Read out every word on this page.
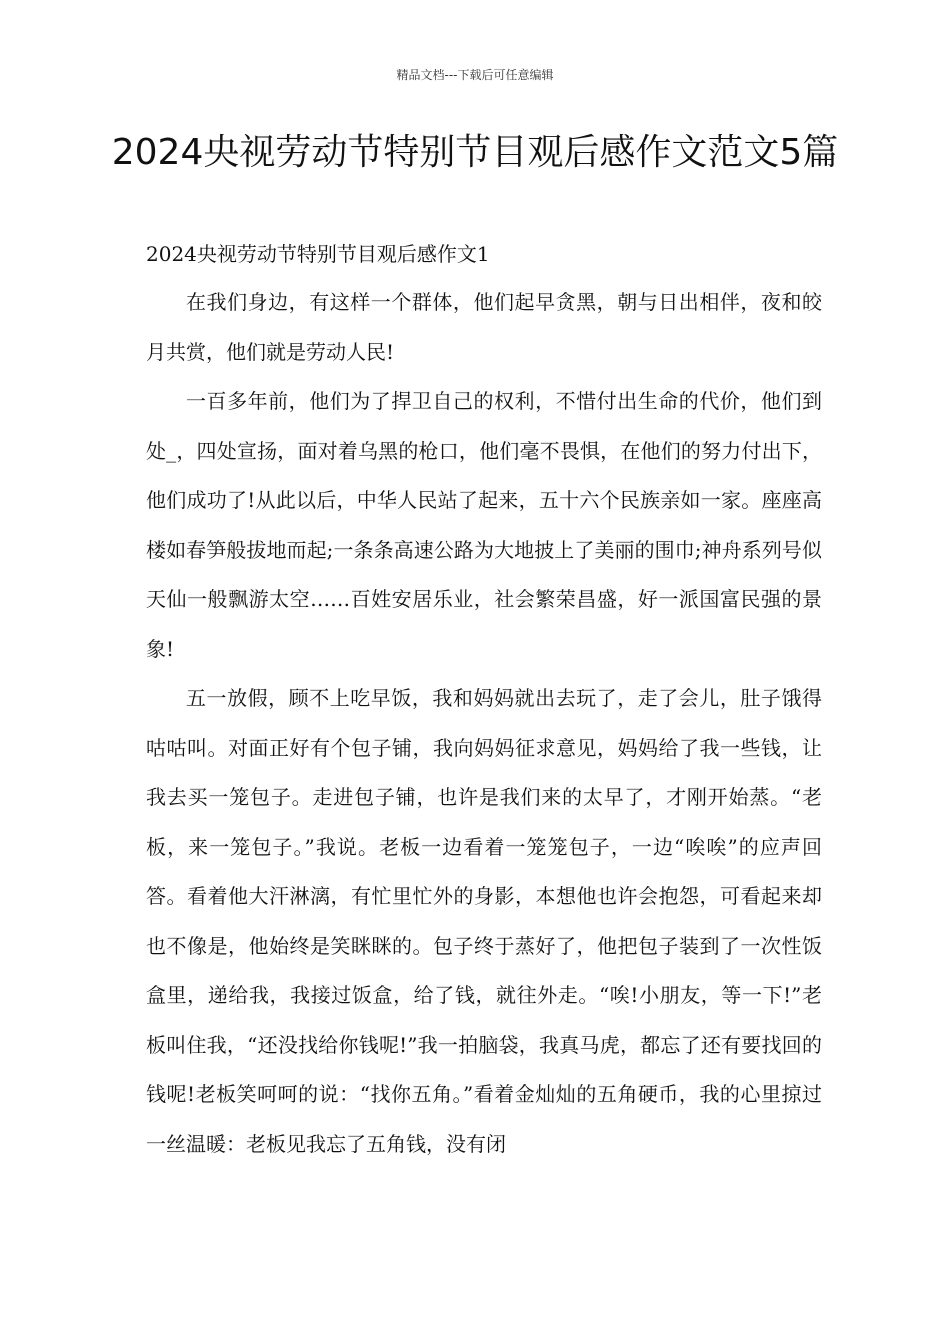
精品文档---下载后可任意编辑
2024央视劳动节特别节目观后感作文范文5篇
2024央视劳动节特别节目观后感作文1

在我们身边，有这样一个群体，他们起早贪黑，朝与日出相伴，夜和皎月共赏，他们就是劳动人民!

一百多年前，他们为了捍卫自己的权利，不惜付出生命的代价，他们到处_，四处宣扬，面对着乌黑的枪口，他们毫不畏惧，在他们的努力付出下，他们成功了!从此以后，中华人民站了起来，五十六个民族亲如一家。座座高楼如春笋般拔地而起;一条条高速公路为大地披上了美丽的围巾;神舟系列号似天仙一般飘游太空……百姓安居乐业，社会繁荣昌盛，好一派国富民强的景象!

五一放假，顾不上吃早饭，我和妈妈就出去玩了，走了会儿，肚子饿得咕咕叫。对面正好有个包子铺，我向妈妈征求意见，妈妈给了我一些钱，让我去买一笼包子。走进包子铺，也许是我们来的太早了，才刚开始蒸。“老板，来一笼包子。”我说。老板一边看着一笼笼包子，一边“唉唉”的应声回答。看着他大汗淋漓，有忙里忙外的身影，本想他也许会抱怨，可看起来却也不像是，他始终是笑眯眯的。包子终于蒸好了，他把包子装到了一次性饭盒里，递给我，我接过饭盒，给了钱，就往外走。“唉!小朋友，等一下!”老板叫住我，“还没找给你钱呢!”我一拍脑袋，我真马虎，都忘了还有要找回的钱呢!老板笑呵呵的说：“找你五角。”看着金灿灿的五角硬币，我的心里掠过一丝温暖：老板见我忘了五角钱，没有闭
